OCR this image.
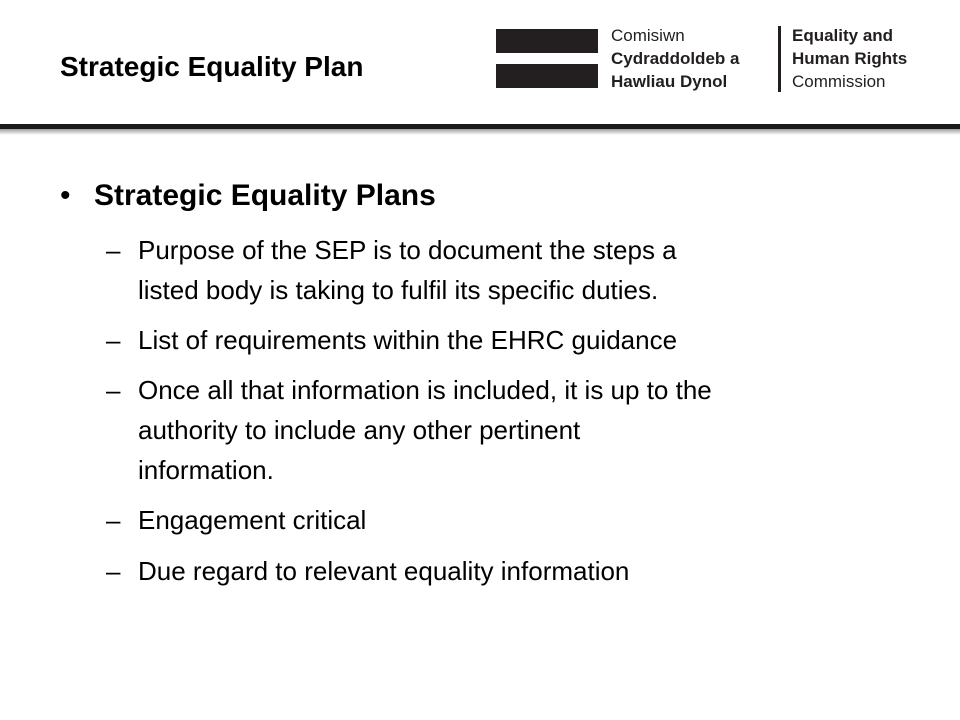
Strategic Equality Plan
Comisiwn
Cydraddoldeb a
Hawliau Dynol
Equality and
Human Rights
Commission
• Strategic Equality Plans
– Purpose of the SEP is to document the steps a
listed body is taking to fulfil its specific duties.
– List of requirements within the EHRC guidance
– Once all that information is included, it is up to the
authority to include any other pertinent
information.
– Engagement critical
– Due regard to relevant equality information
